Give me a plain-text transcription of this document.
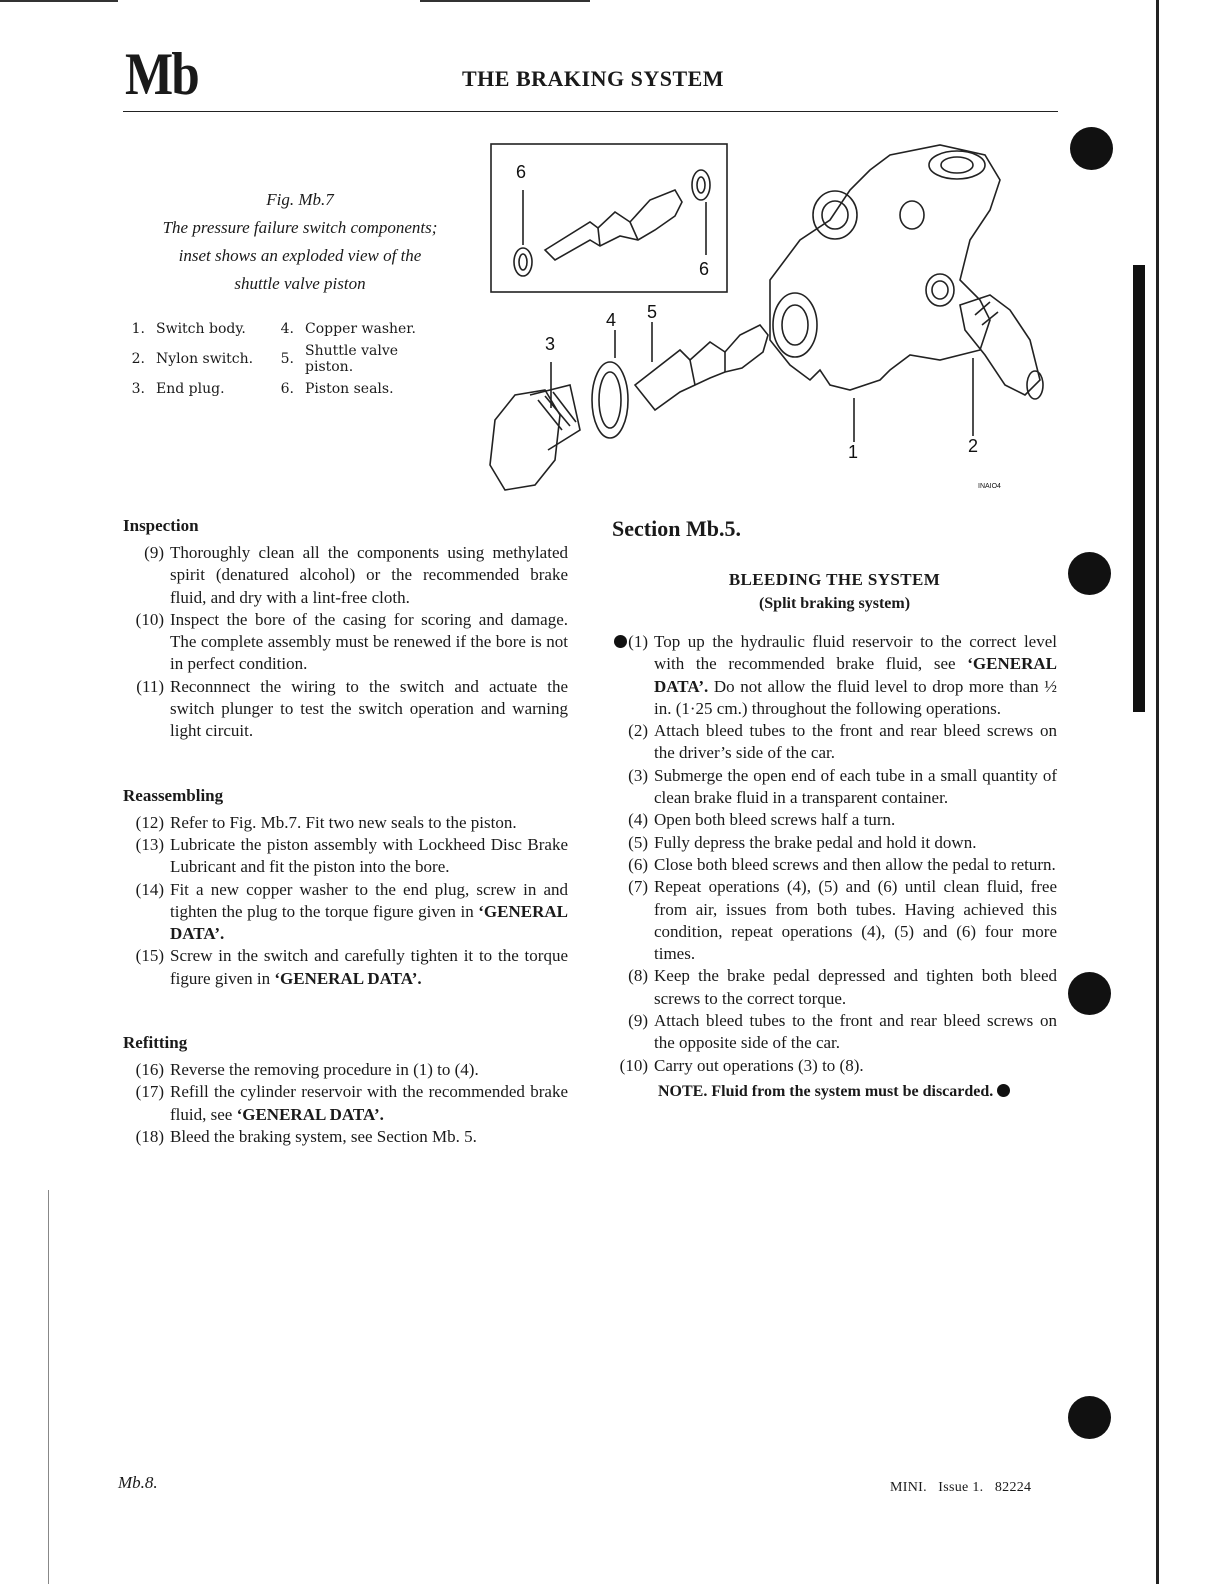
Mb	THE BRAKING SYSTEM
Fig. Mb.7
The pressure failure switch components;
inset shows an exploded view of the
shuttle valve piston
1. Switch body.	4. Copper washer.
2. Nylon switch.	5. Shuttle valve piston.
3. End plug.	6. Piston seals.
6
6
4 5
3
1	2
INAIO4
Inspection
(9) Thoroughly clean all the components using methylated spirit (denatured alcohol) or the recommended brake fluid, and dry with a lint-free cloth.
(10) Inspect the bore of the casing for scoring and damage. The complete assembly must be renewed if the bore is not in perfect condition.
(11) Reconnnect the wiring to the switch and actuate the switch plunger to test the switch operation and warning light circuit.
Reassembling
(12) Refer to Fig. Mb.7. Fit two new seals to the piston.
(13) Lubricate the piston assembly with Lockheed Disc Brake Lubricant and fit the piston into the bore.
(14) Fit a new copper washer to the end plug, screw in and tighten the plug to the torque figure given in ‘GENERAL DATA’.
(15) Screw in the switch and carefully tighten it to the torque figure given in ‘GENERAL DATA’.
Refitting
(16) Reverse the removing procedure in (1) to (4).
(17) Refill the cylinder reservoir with the recommended brake fluid, see ‘GENERAL DATA’.
(18) Bleed the braking system, see Section Mb. 5.
Section Mb.5.
BLEEDING THE SYSTEM
(Split braking system)
(1) Top up the hydraulic fluid reservoir to the correct level with the recommended brake fluid, see ‘GENERAL DATA’. Do not allow the fluid level to drop more than ½ in. (1·25 cm.) throughout the following operations.
(2) Attach bleed tubes to the front and rear bleed screws on the driver’s side of the car.
(3) Submerge the open end of each tube in a small quantity of clean brake fluid in a transparent container.
(4) Open both bleed screws half a turn.
(5) Fully depress the brake pedal and hold it down.
(6) Close both bleed screws and then allow the pedal to return.
(7) Repeat operations (4), (5) and (6) until clean fluid, free from air, issues from both tubes. Having achieved this condition, repeat operations (4), (5) and (6) four more times.
(8) Keep the brake pedal depressed and tighten both bleed screws to the correct torque.
(9) Attach bleed tubes to the front and rear bleed screws on the opposite side of the car.
(10) Carry out operations (3) to (8).
NOTE. Fluid from the system must be discarded.
Mb.8.	MINI.   Issue 1.   82224
